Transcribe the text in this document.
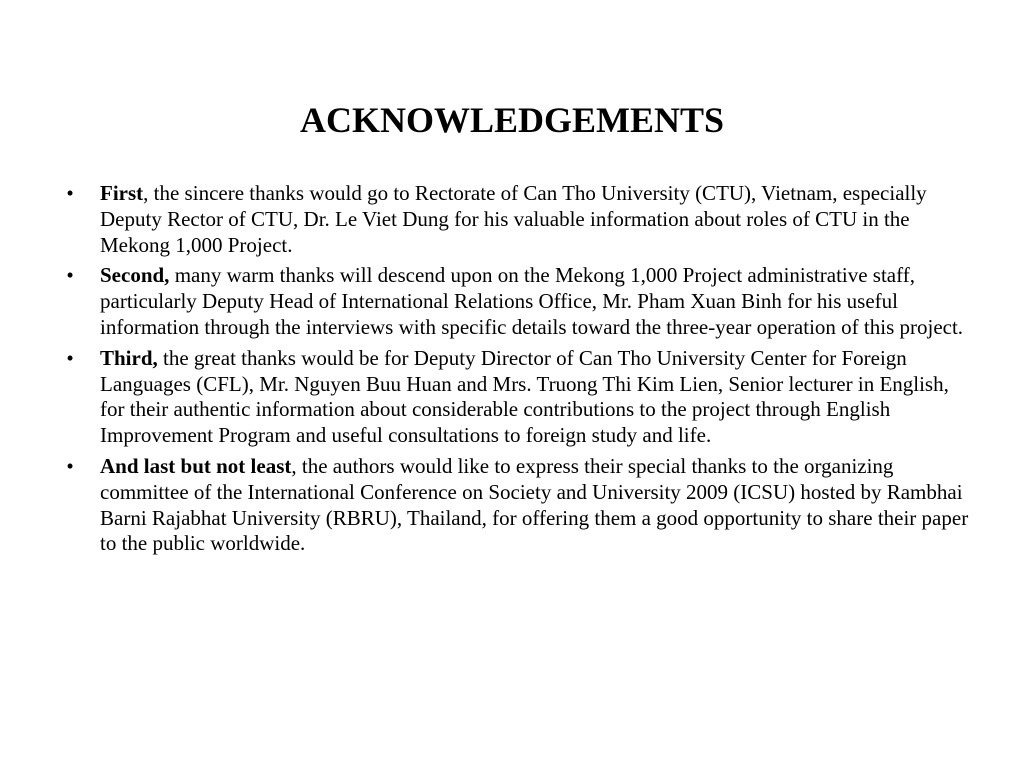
ACKNOWLEDGEMENTS
•	First, the sincere thanks would go to Rectorate of Can Tho University (CTU), Vietnam, especially Deputy Rector of CTU, Dr. Le Viet Dung for his valuable information about roles of CTU in the Mekong 1,000 Project.
•	Second, many warm thanks will descend upon on the Mekong 1,000 Project administrative staff, particularly Deputy Head of International Relations Office, Mr. Pham Xuan Binh for his useful information through the interviews with specific details toward the three-year operation of this project.
•	Third, the great thanks would be for Deputy Director of Can Tho University Center for Foreign Languages (CFL), Mr. Nguyen Buu Huan and Mrs. Truong Thi Kim Lien, Senior lecturer in English, for their authentic information about considerable contributions to the project through English Improvement Program and useful consultations to foreign study and life.
•	And last but not least, the authors would like to express their special thanks to the organizing committee of the International Conference on Society and University 2009 (ICSU) hosted by Rambhai Barni Rajabhat University (RBRU), Thailand, for offering them a good opportunity to share their paper to the public worldwide.
